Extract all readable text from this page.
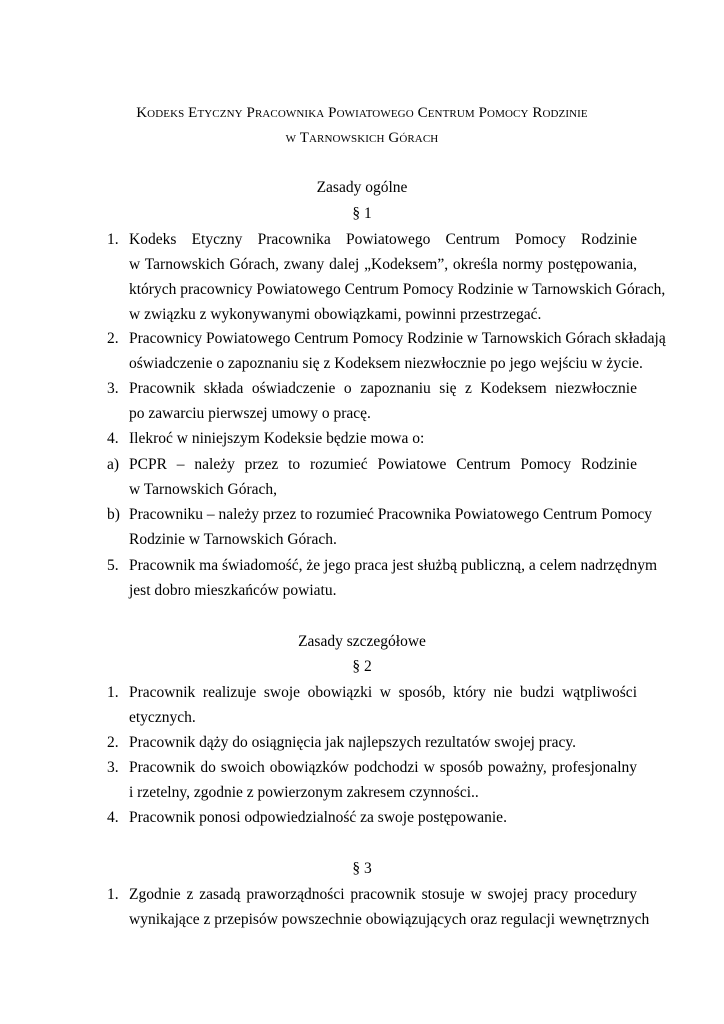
Kodeks Etyczny Pracownika Powiatowego Centrum Pomocy Rodzinie
w Tarnowskich Górach
Zasady ogólne
§ 1
1. Kodeks Etyczny Pracownika Powiatowego Centrum Pomocy Rodzinie
w Tarnowskich Górach, zwany dalej „Kodeksem”, określa normy postępowania,
których pracownicy Powiatowego Centrum Pomocy Rodzinie w Tarnowskich Górach,
w związku z wykonywanymi obowiązkami, powinni przestrzegać.
2. Pracownicy Powiatowego Centrum Pomocy Rodzinie w Tarnowskich Górach składają
oświadczenie o zapoznaniu się z Kodeksem niezwłocznie po jego wejściu w życie.
3. Pracownik składa oświadczenie o zapoznaniu się z Kodeksem niezwłocznie
po zawarciu pierwszej umowy o pracę.
4. Ilekroć w niniejszym Kodeksie będzie mowa o:
a) PCPR – należy przez to rozumieć Powiatowe Centrum Pomocy Rodzinie
w Tarnowskich Górach,
b) Pracowniku – należy przez to rozumieć Pracownika Powiatowego Centrum Pomocy
Rodzinie w Tarnowskich Górach.
5. Pracownik ma świadomość, że jego praca jest służbą publiczną, a celem nadrzędnym
jest dobro mieszkańców powiatu.
Zasady szczegółowe
§ 2
1. Pracownik realizuje swoje obowiązki w sposób, który nie budzi wątpliwości
etycznych.
2. Pracownik dąży do osiągnięcia jak najlepszych rezultatów swojej pracy.
3. Pracownik do swoich obowiązków podchodzi w sposób poważny, profesjonalny
i rzetelny, zgodnie z powierzonym zakresem czynności..
4. Pracownik ponosi odpowiedzialność za swoje postępowanie.
§ 3
1. Zgodnie z zasadą praworządności pracownik stosuje w swojej pracy procedury
wynikające z przepisów powszechnie obowiązujących oraz regulacji wewnętrznych
